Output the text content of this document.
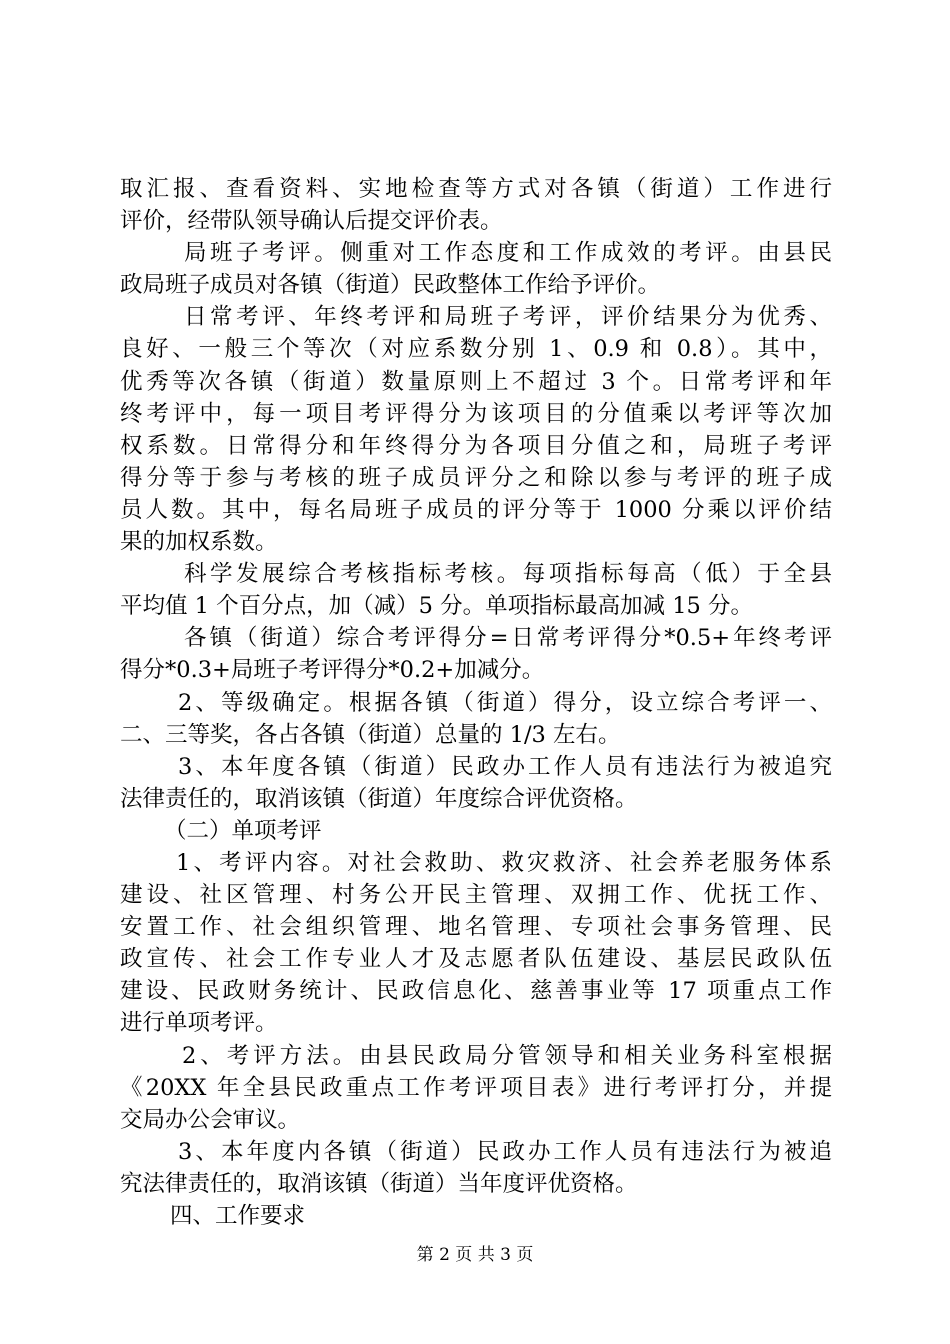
取汇报、查看资料、实地检查等方式对各镇（街道）工作进行
评价，经带队领导确认后提交评价表。
局班子考评。侧重对工作态度和工作成效的考评。由县民
政局班子成员对各镇（街道）民政整体工作给予评价。
日常考评、年终考评和局班子考评，评价结果分为优秀、
良好、一般三个等次（对应系数分别 1、0.9 和 0.8）。其中，
优秀等次各镇（街道）数量原则上不超过 3 个。日常考评和年
终考评中，每一项目考评得分为该项目的分值乘以考评等次加
权系数。日常得分和年终得分为各项目分值之和，局班子考评
得分等于参与考核的班子成员评分之和除以参与考评的班子成
员人数。其中，每名局班子成员的评分等于 1000 分乘以评价结
果的加权系数。
科学发展综合考核指标考核。每项指标每高（低）于全县
平均值 1 个百分点，加（减）5 分。单项指标最高加减 15 分。
各镇（街道）综合考评得分=日常考评得分*0.5+年终考评
得分*0.3+局班子考评得分*0.2+加减分。
2、等级确定。根据各镇（街道）得分，设立综合考评一、
二、三等奖，各占各镇（街道）总量的 1/3 左右。
3、本年度各镇（街道）民政办工作人员有违法行为被追究
法律责任的，取消该镇（街道）年度综合评优资格。
（二）单项考评
1、考评内容。对社会救助、救灾救济、社会养老服务体系
建设、社区管理、村务公开民主管理、双拥工作、优抚工作、
安置工作、社会组织管理、地名管理、专项社会事务管理、民
政宣传、社会工作专业人才及志愿者队伍建设、基层民政队伍
建设、民政财务统计、民政信息化、慈善事业等 17 项重点工作
进行单项考评。
2、考评方法。由县民政局分管领导和相关业务科室根据
《20XX 年全县民政重点工作考评项目表》进行考评打分，并提
交局办公会审议。
3、本年度内各镇（街道）民政办工作人员有违法行为被追
究法律责任的，取消该镇（街道）当年度评优资格。
四、工作要求
第 2 页 共 3 页
